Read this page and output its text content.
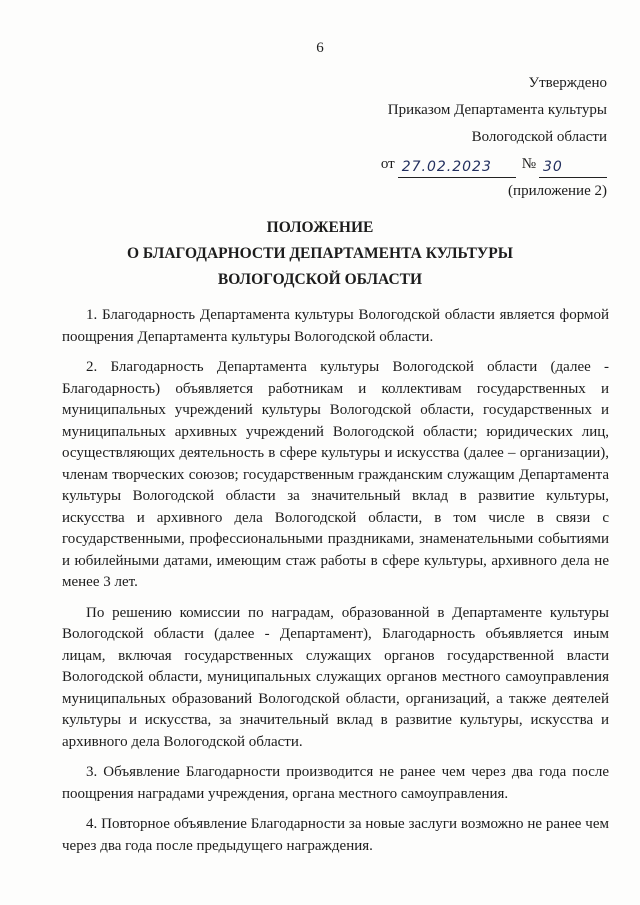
6
Утверждено
Приказом Департамента культуры
Вологодской области
от 27.02.2023	№ 30
(приложение 2)
ПОЛОЖЕНИЕ
О БЛАГОДАРНОСТИ ДЕПАРТАМЕНТА КУЛЬТУРЫ
ВОЛОГОДСКОЙ ОБЛАСТИ

1. Благодарность Департамента культуры Вологодской области является формой поощрения Департамента культуры Вологодской области.

2. Благодарность Департамента культуры Вологодской области (далее - Благодарность) объявляется работникам и коллективам государственных и муниципальных учреждений культуры Вологодской области, государственных и муниципальных архивных учреждений Вологодской области; юридических лиц, осуществляющих деятельность в сфере культуры и искусства (далее – организации), членам творческих союзов; государственным гражданским служащим Департамента культуры Вологодской области за значительный вклад в развитие культуры, искусства и архивного дела Вологодской области, в том числе в связи с государственными, профессиональными праздниками, знаменательными событиями и юбилейными датами, имеющим стаж работы в сфере культуры, архивного дела не менее 3 лет.

По решению комиссии по наградам, образованной в Департаменте культуры Вологодской области (далее - Департамент), Благодарность объявляется иным лицам, включая государственных служащих органов государственной власти Вологодской области, муниципальных служащих органов местного самоуправления муниципальных образований Вологодской области, организаций, а также деятелей культуры и искусства, за значительный вклад в развитие культуры, искусства и архивного дела Вологодской области.

3. Объявление Благодарности производится не ранее чем через два года после поощрения наградами учреждения, органа местного самоуправления.

4. Повторное объявление Благодарности за новые заслуги возможно не ранее чем через два года после предыдущего награждения.
